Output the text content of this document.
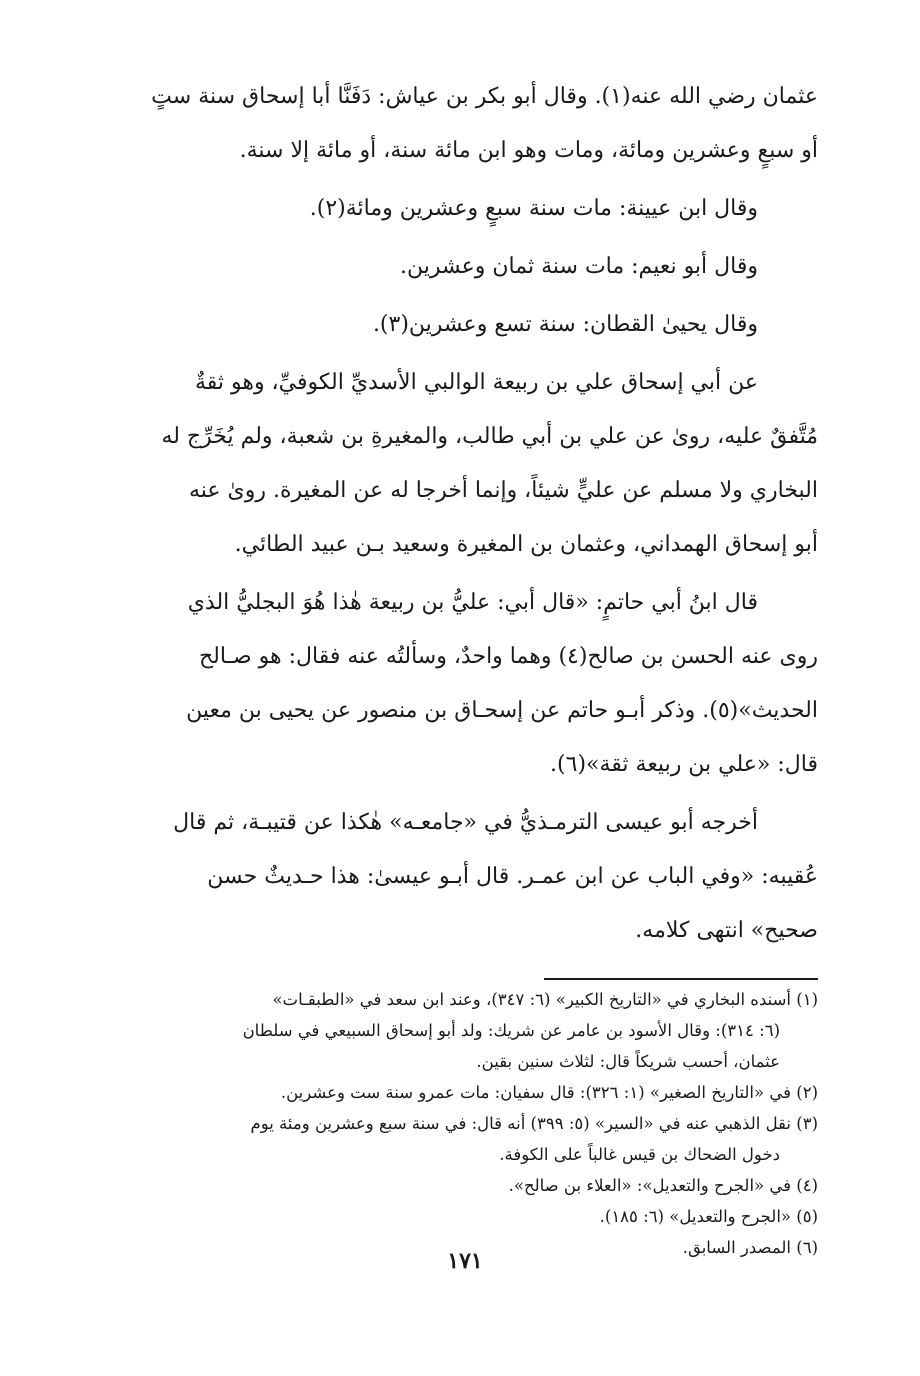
عثمان رضي الله عنه(١). وقال أبو بكر بن عياش: دَفَنَّا أبا إسحاق سنة ستٍ

أو سبعٍ وعشرين ومائة، ومات وهو ابن مائة سنة، أو مائة إلا سنة.

وقال ابن عيينة: مات سنة سبعٍ وعشرين ومائة(٢).

وقال أبو نعيم: مات سنة ثمان وعشرين.

وقال يحيىٰ القطان: سنة تسع وعشرين(٣).

عن أبي إسحاق علي بن ربيعة الوالبي الأسديِّ الكوفيِّ، وهو ثقةٌ

مُتَّفقٌ عليه، روىٰ عن علي بن أبي طالب، والمغيرةِ بن شعبة، ولم يُخَرِّج له

البخاري ولا مسلم عن عليٍّ شيئاً، وإنما أخرجا له عن المغيرة. روىٰ عنه

أبو إسحاق الهمداني، وعثمان بن المغيرة وسعيد بـن عبيد الطائي.

قال ابنُ أبي حاتمٍ: «قال أبي: عليُّ بن ربيعة هٰذا هُوَ البجليُّ الذي

روى عنه الحسن بن صالح(٤) وهما واحدٌ، وسألتُه عنه فقال: هو صـالح

الحديث»(٥). وذكر أبـو حاتم عن إسحـاق بن منصور عن يحيى بن معين

قال: «علي بن ربيعة ثقة»(٦).

أخرجه أبو عيسى الترمـذيُّ في «جامعـه» هٰكذا عن قتيبـة، ثم قال

عُقيبه: «وفي الباب عن ابن عمـر. قال أبـو عيسىٰ: هذا حـديثٌ حسن

صحيح» انتهى كلامه.

(١) أسنده البخاري في «التاريخ الكبير» (٦: ٣٤٧)، وعند ابن سعد في «الطبقـات»

(٦: ٣١٤): وقال الأسود بن عامر عن شريك: ولد أبو إسحاق السبيعي في سلطان

عثمان، أحسب شريكاً قال: لثلاث سنين بقين.

(٢) في «التاريخ الصغير» (١: ٣٢٦): قال سفيان: مات عمرو سنة ست وعشرين.

(٣) نقل الذهبي عنه في «السير» (٥: ٣٩٩) أنه قال: في سنة سبع وعشرين ومئة يوم

دخول الضحاك بن قيس غالباً على الكوفة.

(٤) في «الجرح والتعديل»: «العلاء بن صالح».

(٥) «الجرح والتعديل» (٦: ١٨٥).

(٦) المصدر السابق.

١٧١
